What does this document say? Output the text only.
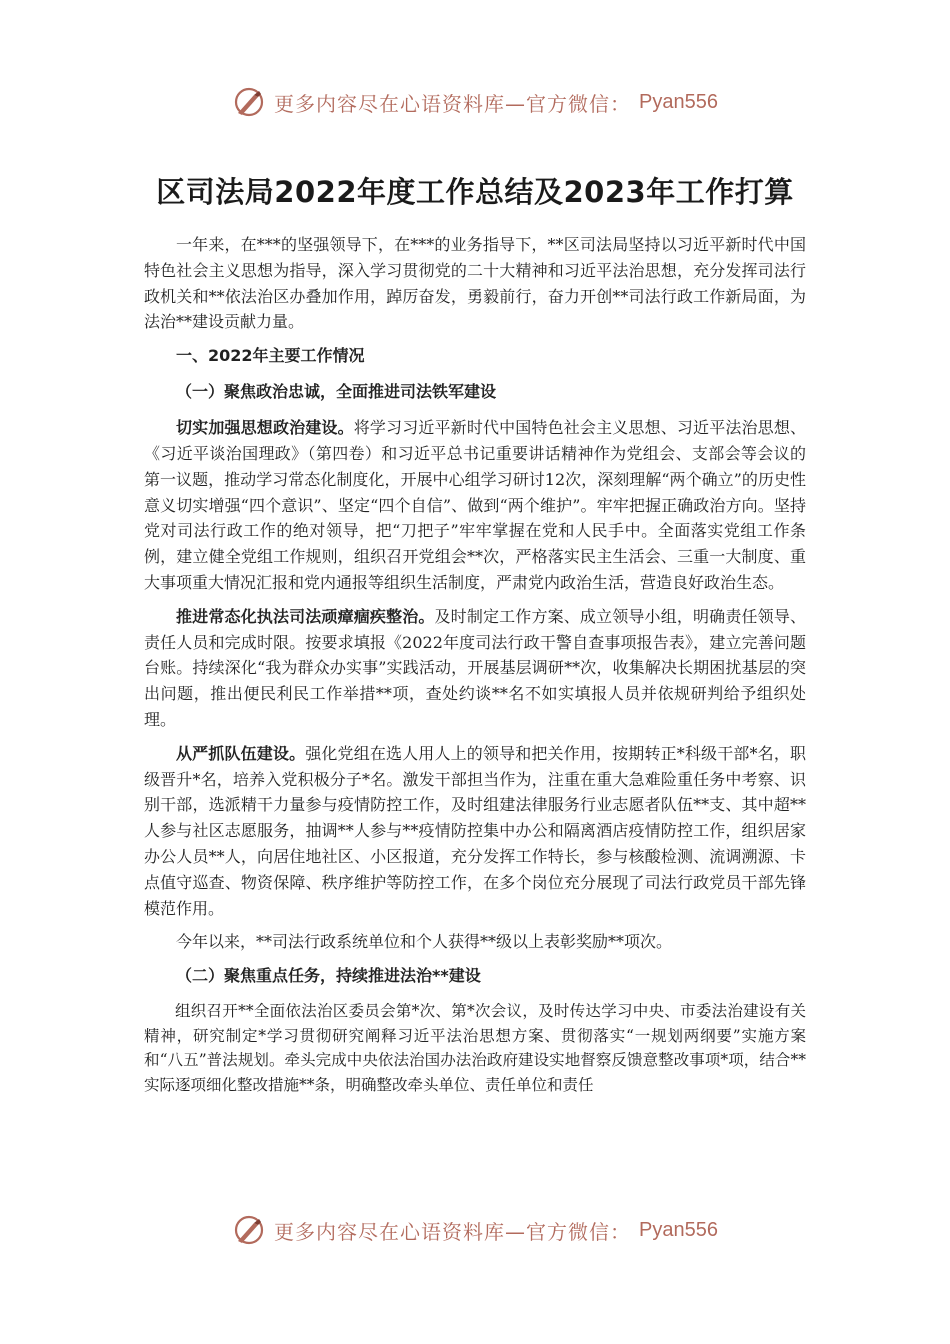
更多内容尽在心语资料库—官方微信： Pyan556
区司法局2022年度工作总结及2023年工作打算

一年来，在***的坚强领导下，在***的业务指导下，**区司法局坚持以习近平新时代中国特色社会主义思想为指导，深入学习贯彻党的二十大精神和习近平法治思想，充分发挥司法行政机关和**依法治区办叠加作用，踔厉奋发，勇毅前行，奋力开创**司法行政工作新局面，为法治**建设贡献力量。

一、2022年主要工作情况
（一）聚焦政治忠诚，全面推进司法铁军建设

切实加强思想政治建设。将学习习近平新时代中国特色社会主义思想、习近平法治思想、《习近平谈治国理政》（第四卷）和习近平总书记重要讲话精神作为党组会、支部会等会议的第一议题，推动学习常态化制度化，开展中心组学习研讨12次，深刻理解“两个确立”的历史性意义切实增强“四个意识”、坚定“四个自信”、做到“两个维护”。牢牢把握正确政治方向。坚持党对司法行政工作的绝对领导，把“刀把子”牢牢掌握在党和人民手中。全面落实党组工作条例，建立健全党组工作规则，组织召开党组会**次，严格落实民主生活会、三重一大制度、重大事项重大情况汇报和党内通报等组织生活制度，严肃党内政治生活，营造良好政治生态。

推进常态化执法司法顽瘴痼疾整治。及时制定工作方案、成立领导小组，明确责任领导、责任人员和完成时限。按要求填报《2022年度司法行政干警自查事项报告表》，建立完善问题台账。持续深化“我为群众办实事”实践活动，开展基层调研**次，收集解决长期困扰基层的突出问题，推出便民利民工作举措**项，查处约谈**名不如实填报人员并依规研判给予组织处理。

从严抓队伍建设。强化党组在选人用人上的领导和把关作用，按期转正*科级干部*名，职级晋升*名，培养入党积极分子*名。激发干部担当作为，注重在重大急难险重任务中考察、识别干部，选派精干力量参与疫情防控工作，及时组建法律服务行业志愿者队伍**支、其中超**人参与社区志愿服务，抽调**人参与**疫情防控集中办公和隔离酒店疫情防控工作，组织居家办公人员**人，向居住地社区、小区报道，充分发挥工作特长，参与核酸检测、流调溯源、卡点值守巡查、物资保障、秩序维护等防控工作，在多个岗位充分展现了司法行政党员干部先锋模范作用。

今年以来，**司法行政系统单位和个人获得**级以上表彰奖励**项次。

（二）聚焦重点任务，持续推进法治**建设

组织召开**全面依法治区委员会第*次、第*次会议，及时传达学习中央、市委法治建设有关精神，研究制定*学习贯彻研究阐释习近平法治思想方案、贯彻落实“一规划两纲要”实施方案和“八五”普法规划。牵头完成中央依法治国办法治政府建设实地督察反馈意整改事项*项，结合**实际逐项细化整改措施**条，明确整改牵头单位、责任单位和责任

更多内容尽在心语资料库—官方微信： Pyan556
